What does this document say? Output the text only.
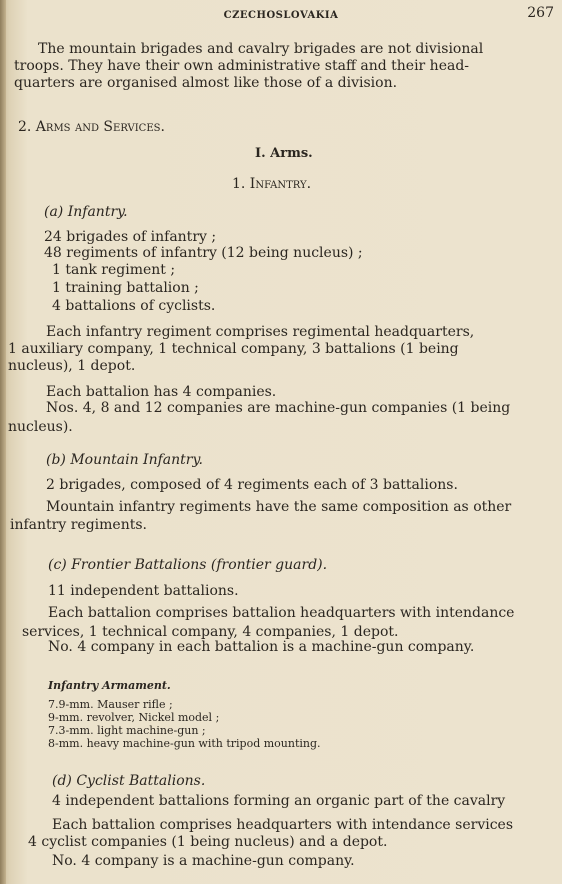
CZECHOSLOVAKIA	267
The mountain brigades and cavalry brigades are not divisional
troops. They have their own administrative staff and their head-
quarters are organised almost like those of a division.
2. Arms and Services.
I. Arms.
1. Infantry.
(a) Infantry.
24 brigades of infantry ;
48 regiments of infantry (12 being nucleus) ;
1 tank regiment ;
1 training battalion ;
4 battalions of cyclists.
Each infantry regiment comprises regimental headquarters,
1 auxiliary company, 1 technical company, 3 battalions (1 being
nucleus), 1 depot.
Each battalion has 4 companies.
Nos. 4, 8 and 12 companies are machine-gun companies (1 being
nucleus).
(b) Mountain Infantry.
2 brigades, composed of 4 regiments each of 3 battalions.
Mountain infantry regiments have the same composition as other
infantry regiments.
(c) Frontier Battalions (frontier guard).
11 independent battalions.
Each battalion comprises battalion headquarters with intendance
services, 1 technical company, 4 companies, 1 depot.
No. 4 company in each battalion is a machine-gun company.
Infantry Armament.
7.9-mm. Mauser rifle ;
9-mm. revolver, Nickel model ;
7.3-mm. light machine-gun ;
8-mm. heavy machine-gun with tripod mounting.
(d) Cyclist Battalions.
4 independent battalions forming an organic part of the cavalry
Each battalion comprises headquarters with intendance services
4 cyclist companies (1 being nucleus) and a depot.
No. 4 company is a machine-gun company.
